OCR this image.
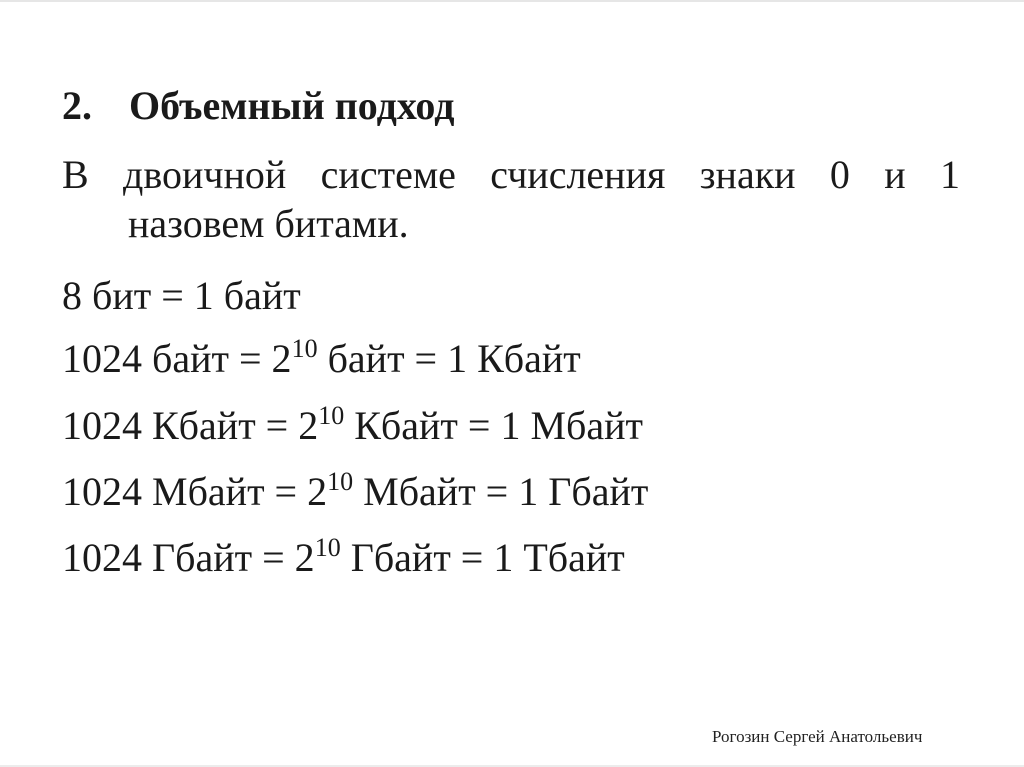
2. Объемный подход
В двоичной системе счисления знаки 0 и 1
назовем битами.
8 бит = 1 байт
1024 байт = $2^{10}$ байт = 1 Кбайт
1024 Кбайт = $2^{10}$ Кбайт = 1 Мбайт
1024 Мбайт = $2^{10}$ Мбайт = 1 Гбайт
1024 Гбайт = $2^{10}$ Гбайт = 1 Тбайт
Рогозин Сергей Анатольевич
